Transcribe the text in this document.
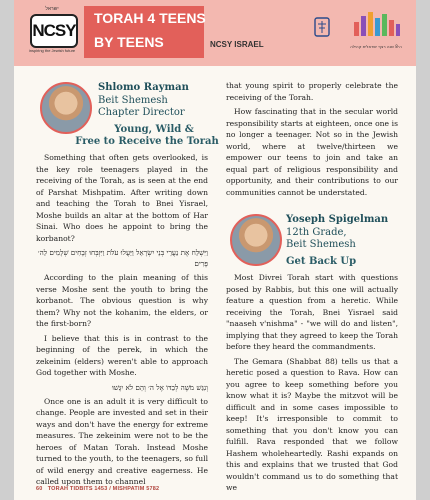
ישראל
NCSY
inspiring the Jewish future
TORAH 4 TEENS
BY TEENS	NCSY ISRAEL	ה-8 שנה רצף ישראלית קהילה
Shlomo Rayman
Beit Shemesh
Chapter Director
Young, Wild &
Free to Receive the Torah

Something that often gets overlooked, is the key role teenagers played in the receiving of the Torah, as is seen at the end of Parshat Mishpatim. After writing down and teaching the Torah to Bnei Yisrael, Moshe builds an altar at the bottom of Har Sinai. Who does he appoint to bring the korbanot?

וַיִּשְׁלַח אֶת נַעֲרֵי בְּנֵי יִשְׂרָאֵל וַיַּעֲלוּ עֹלֹת וַיִּזְבְּחוּ זְבָחִים שְׁלָמִים לַה׳ פָּרִים

According to the plain meaning of this verse Moshe sent the youth to bring the korbanot. The obvious question is why them? Why not the kohanim, the elders, or the first-born?

I believe that this is in contrast to the beginning of the perek, in which the zekeinim (elders) weren't able to approach God together with Moshe.

וְנִגַּשׁ מֹשֶׁה לְבַדּוֹ אֶל ה׳ וְהֵם לֹא יִגָּשׁוּ

Once one is an adult it is very difficult to change. People are invested and set in their ways and don't have the energy for extreme measures. The zekeinim were not to be the heroes of Matan Torah. Instead Moshe turned to the youth, to the teenagers, so full of wild energy and creative eagerness. He called upon them to channel

that young spirit to properly celebrate the receiving of the Torah.

How fascinating that in the secular world responsibility starts at eighteen, once one is no longer a teenager. Not so in the Jewish world, where at twelve/thirteen we empower our teens to join and take an equal part of religious responsibility and opportunity, and their contributions to our communities cannot be understated.

Yoseph Spigelman
12th Grade,
Beit Shemesh
Get Back Up

Most Divrei Torah start with questions posed by Rabbis, but this one will actually feature a question from a heretic. While receiving the Torah, Bnei Yisrael said "naaseh v'nishma" - "we will do and listen", implying that they agreed to keep the Torah before they heard the commandments.

The Gemara (Shabbat 88) tells us that a heretic posed a question to Rava. How can you agree to keep something before you know what it is? Maybe the mitzvot will be difficult and in some cases impossible to keep! It's irresponsible to commit to something that you don't know you can fulfill. Rava responded that we follow Hashem wholeheartedly. Rashi expands on this and explains that we trusted that God wouldn't command us to do something that we

60 TORAH TIDBITS 1453 / MISHPATIM 5782
